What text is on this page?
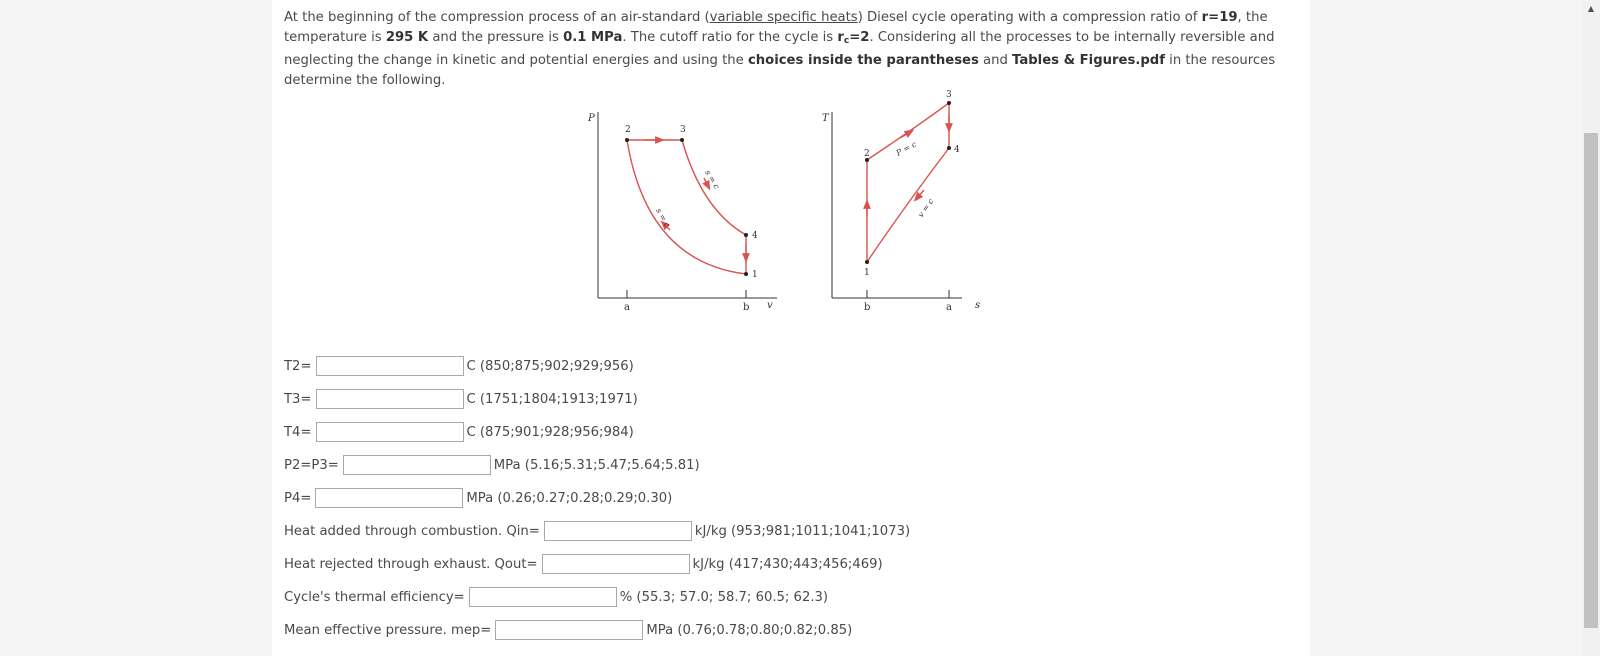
At the beginning of the compression process of an air-standard (variable specific heats) Diesel cycle operating with a compression ratio of r=19, the temperature is 295 K and the pressure is 0.1 MPa. The cutoff ratio for the cycle is $r_c=2$. Considering all the processes to be internally reversible and neglecting the change in kinetic and potential energies and using the choices inside the parantheses and Tables & Figures.pdf in the resources determine the following.
P
v
a	b
2	3
4
1
s = c
s = c
T
s
b	a
1
2
3
4
P = c
v = c
T2=	C (850;875;902;929;956)
T3=	C (1751;1804;1913;1971)
T4=	C (875;901;928;956;984)
P2=P3=	MPa (5.16;5.31;5.47;5.64;5.81)
P4=	MPa (0.26;0.27;0.28;0.29;0.30)
Heat added through combustion. Qin=	kJ/kg (953;981;1011;1041;1073)
Heat rejected through exhaust. Qout=	kJ/kg (417;430;443;456;469)
Cycle's thermal efficiency=	% (55.3; 57.0; 58.7; 60.5; 62.3)
Mean effective pressure. mep=	MPa (0.76;0.78;0.80;0.82;0.85)
▲
